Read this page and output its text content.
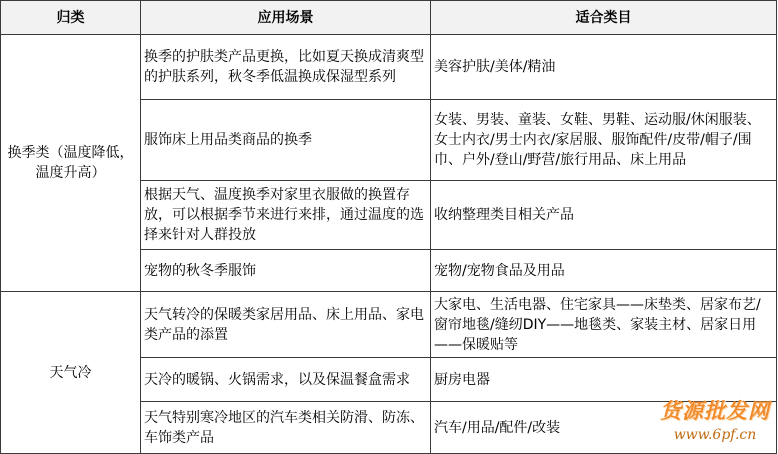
归类	应用场景	适合类目
换季类（温度降低，温度升高）	换季的护肤类产品更换，比如夏天换成清爽型的护肤系列，秋冬季低温换成保湿型系列	美容护肤/美体/精油
	服饰床上用品类商品的换季	女装、男装、童装、女鞋、男鞋、运动服/休闲服装、女士内衣/男士内衣/家居服、服饰配件/皮带/帽子/围巾、户外/登山/野营/旅行用品、床上用品
	根据天气、温度换季对家里衣服做的换置存放，可以根据季节来进行来排，通过温度的选择来针对人群投放	收纳整理类目相关产品
	宠物的秋冬季服饰	宠物/宠物食品及用品
天气冷	天气转冷的保暖类家居用品、床上用品、家电类产品的添置	大家电、生活电器、住宅家具——床垫类、居家布艺/窗帘地毯/缝纫DIY——地毯类、家装主材、居家日用——保暖贴等
	天冷的暖锅、火锅需求，以及保温餐盒需求	厨房电器
	天气特别寒冷地区的汽车类相关防滑、防冻、车饰类产品	汽车/用品/配件/改装
货源批发网
www.6pf.cn
